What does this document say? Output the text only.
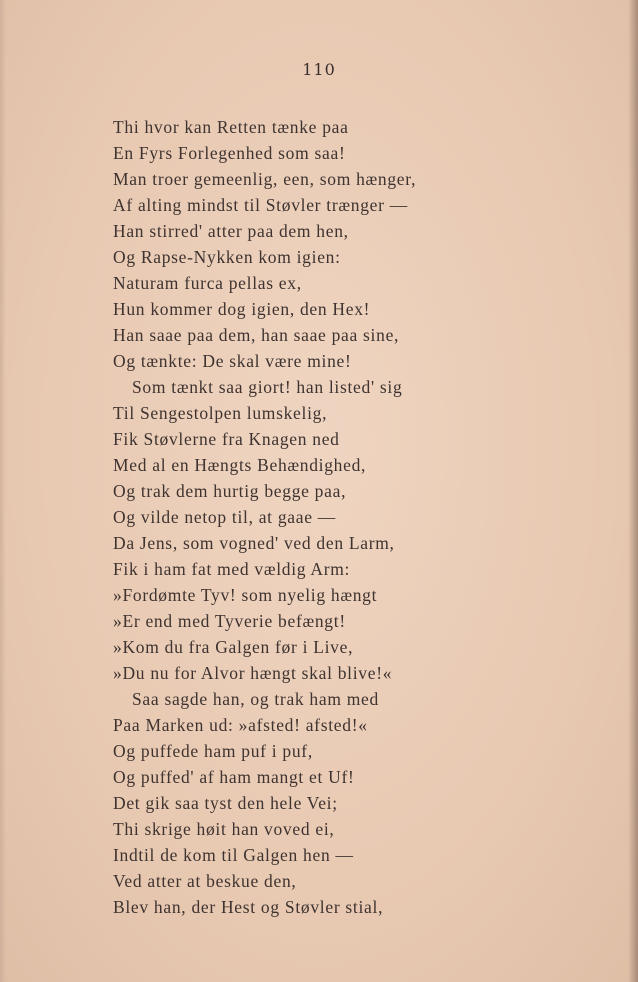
110
Thi hvor kan Retten tænke paa
En Fyrs Forlegenhed som saa!
Man troer gemeenlig, een, som hænger,
Af alting mindst til Støvler trænger —
Han stirred' atter paa dem hen,
Og Rapse-Nykken kom igien:
Naturam furca pellas ex,
Hun kommer dog igien, den Hex!
Han saae paa dem, han saae paa sine,
Og tænkte: De skal være mine!
Som tænkt saa giort! han listed' sig
Til Sengestolpen lumskelig,
Fik Støvlerne fra Knagen ned
Med al en Hængts Behændighed,
Og trak dem hurtig begge paa,
Og vilde netop til, at gaae —
Da Jens, som vogned' ved den Larm,
Fik i ham fat med vældig Arm:
»Fordømte Tyv! som nyelig hængt
»Er end med Tyverie befængt!
»Kom du fra Galgen før i Live,
»Du nu for Alvor hængt skal blive!«
Saa sagde han, og trak ham med
Paa Marken ud: »afsted! afsted!«
Og puffede ham puf i puf,
Og puffed' af ham mangt et Uf!
Det gik saa tyst den hele Vei;
Thi skrige høit han voved ei,
Indtil de kom til Galgen hen —
Ved atter at beskue den,
Blev han, der Hest og Støvler stial,
